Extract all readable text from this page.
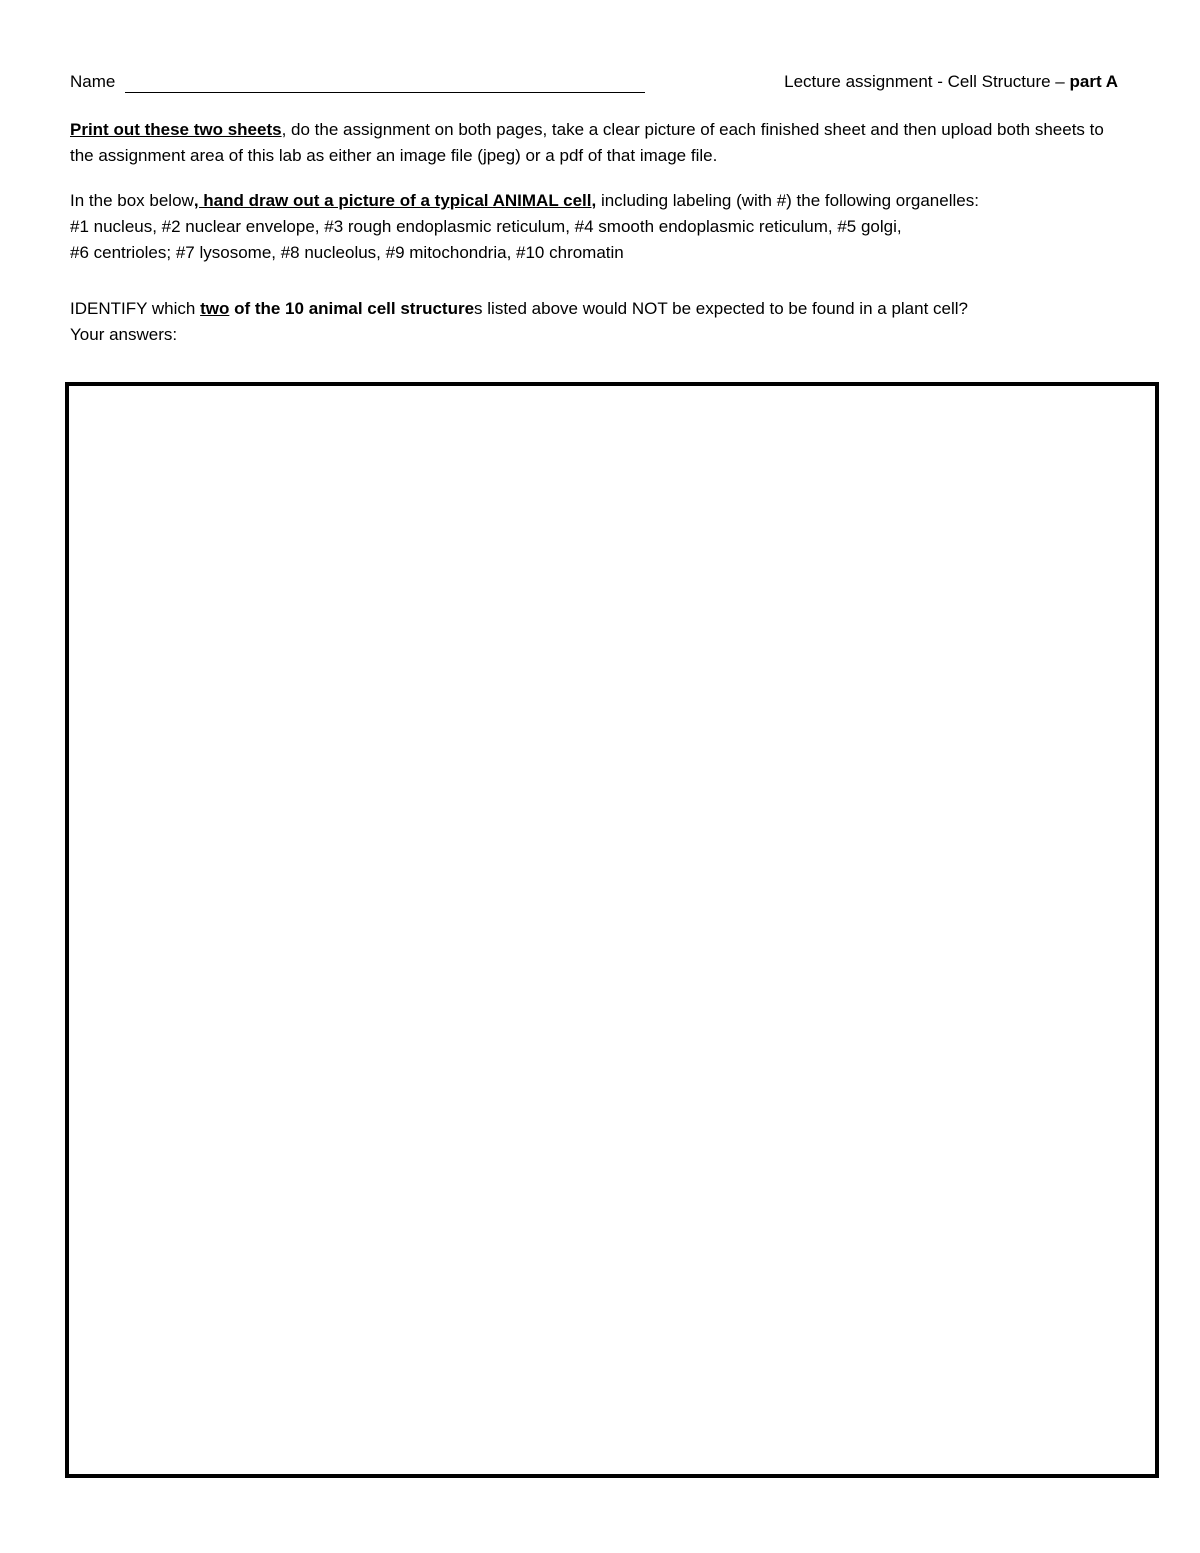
Name	Lecture assignment - Cell Structure – part A

Print out these two sheets, do the assignment on both pages, take a clear picture of each finished sheet and then upload both sheets to the assignment area of this lab as either an image file (jpeg) or a pdf of that image file.

In the box below, hand draw out a picture of a typical ANIMAL cell, including labeling (with #) the following organelles:
#1 nucleus, #2 nuclear envelope, #3 rough endoplasmic reticulum, #4 smooth endoplasmic reticulum, #5 golgi,
#6 centrioles; #7 lysosome, #8 nucleolus, #9 mitochondria, #10 chromatin

IDENTIFY which two of the 10 animal cell structures listed above would NOT be expected to be found in a plant cell?
Your answers:
